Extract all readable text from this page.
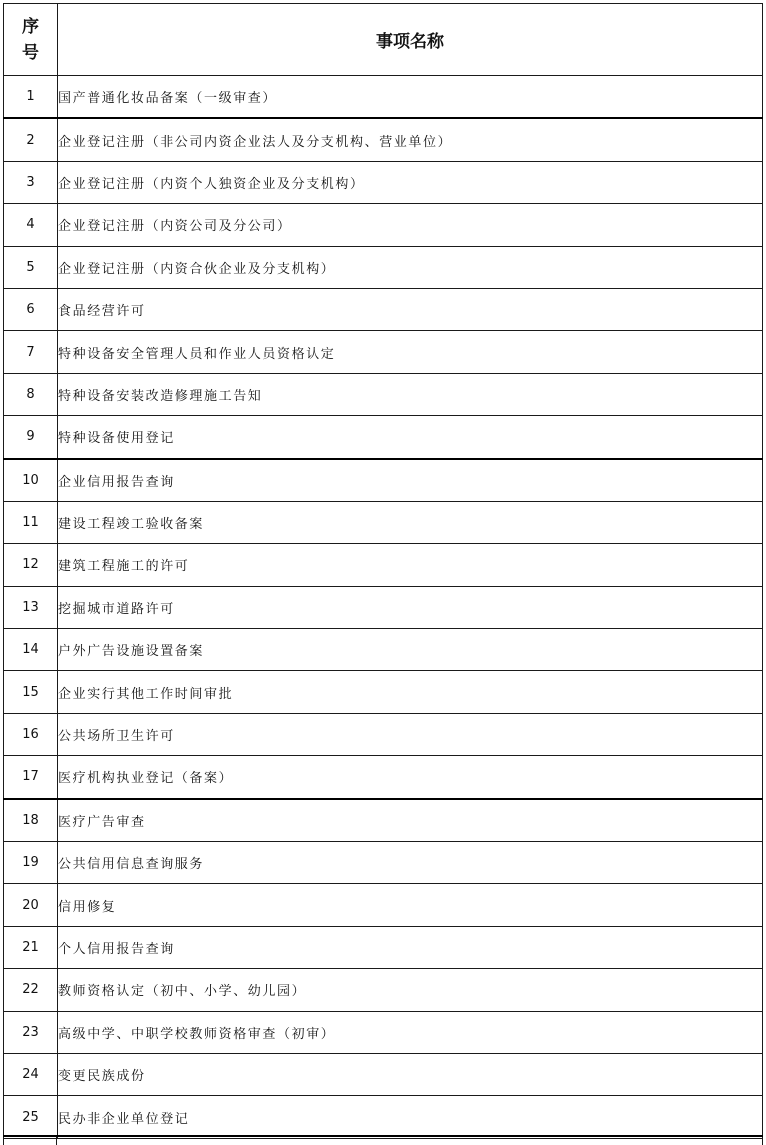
序
号	事项名称
1	国产普通化妆品备案（一级审查）
2	企业登记注册（非公司内资企业法人及分支机构、营业单位）
3	企业登记注册（内资个人独资企业及分支机构）
4	企业登记注册（内资公司及分公司）
5	企业登记注册（内资合伙企业及分支机构）
6	食品经营许可
7	特种设备安全管理人员和作业人员资格认定
8	特种设备安装改造修理施工告知
9	特种设备使用登记
10	企业信用报告查询
11	建设工程竣工验收备案
12	建筑工程施工的许可
13	挖掘城市道路许可
14	户外广告设施设置备案
15	企业实行其他工作时间审批
16	公共场所卫生许可
17	医疗机构执业登记（备案）
18	医疗广告审查
19	公共信用信息查询服务
20	信用修复
21	个人信用报告查询
22	教师资格认定（初中、小学、幼儿园）
23	高级中学、中职学校教师资格审查（初审）
24	变更民族成份
25	民办非企业单位登记
